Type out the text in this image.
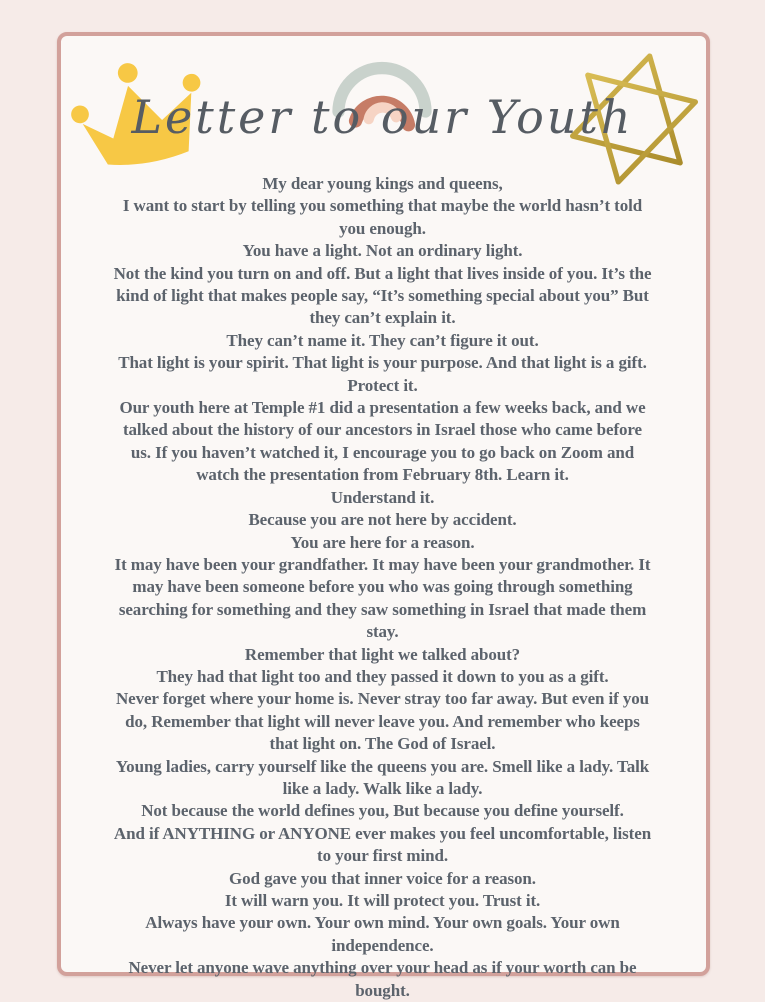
Letter to our Youth
My dear young kings and queens,
I want to start by telling you something that maybe the world hasn’t told
you enough.
You have a light. Not an ordinary light.
Not the kind you turn on and off. But a light that lives inside of you. It’s the
kind of light that makes people say, “It’s something special about you” But
they can’t explain it.
They can’t name it. They can’t figure it out.
That light is your spirit. That light is your purpose. And that light is a gift.
Protect it.
Our youth here at Temple #1 did a presentation a few weeks back, and we
talked about the history of our ancestors in Israel those who came before
us. If you haven’t watched it, I encourage you to go back on Zoom and
watch the presentation from February 8th. Learn it.
Understand it.
Because you are not here by accident.
You are here for a reason.
It may have been your grandfather. It may have been your grandmother. It
may have been someone before you who was going through something
searching for something and they saw something in Israel that made them
stay.
Remember that light we talked about?
They had that light too and they passed it down to you as a gift.
Never forget where your home is. Never stray too far away. But even if you
do, Remember that light will never leave you. And remember who keeps
that light on. The God of Israel.
Young ladies, carry yourself like the queens you are. Smell like a lady. Talk
like a lady. Walk like a lady.
Not because the world defines you, But because you define yourself.
And if ANYTHING or ANYONE ever makes you feel uncomfortable, listen
to your first mind.
God gave you that inner voice for a reason.
It will warn you. It will protect you. Trust it.
Always have your own. Your own mind. Your own goals. Your own
independence.
Never let anyone wave anything over your head as if your worth can be
bought.
